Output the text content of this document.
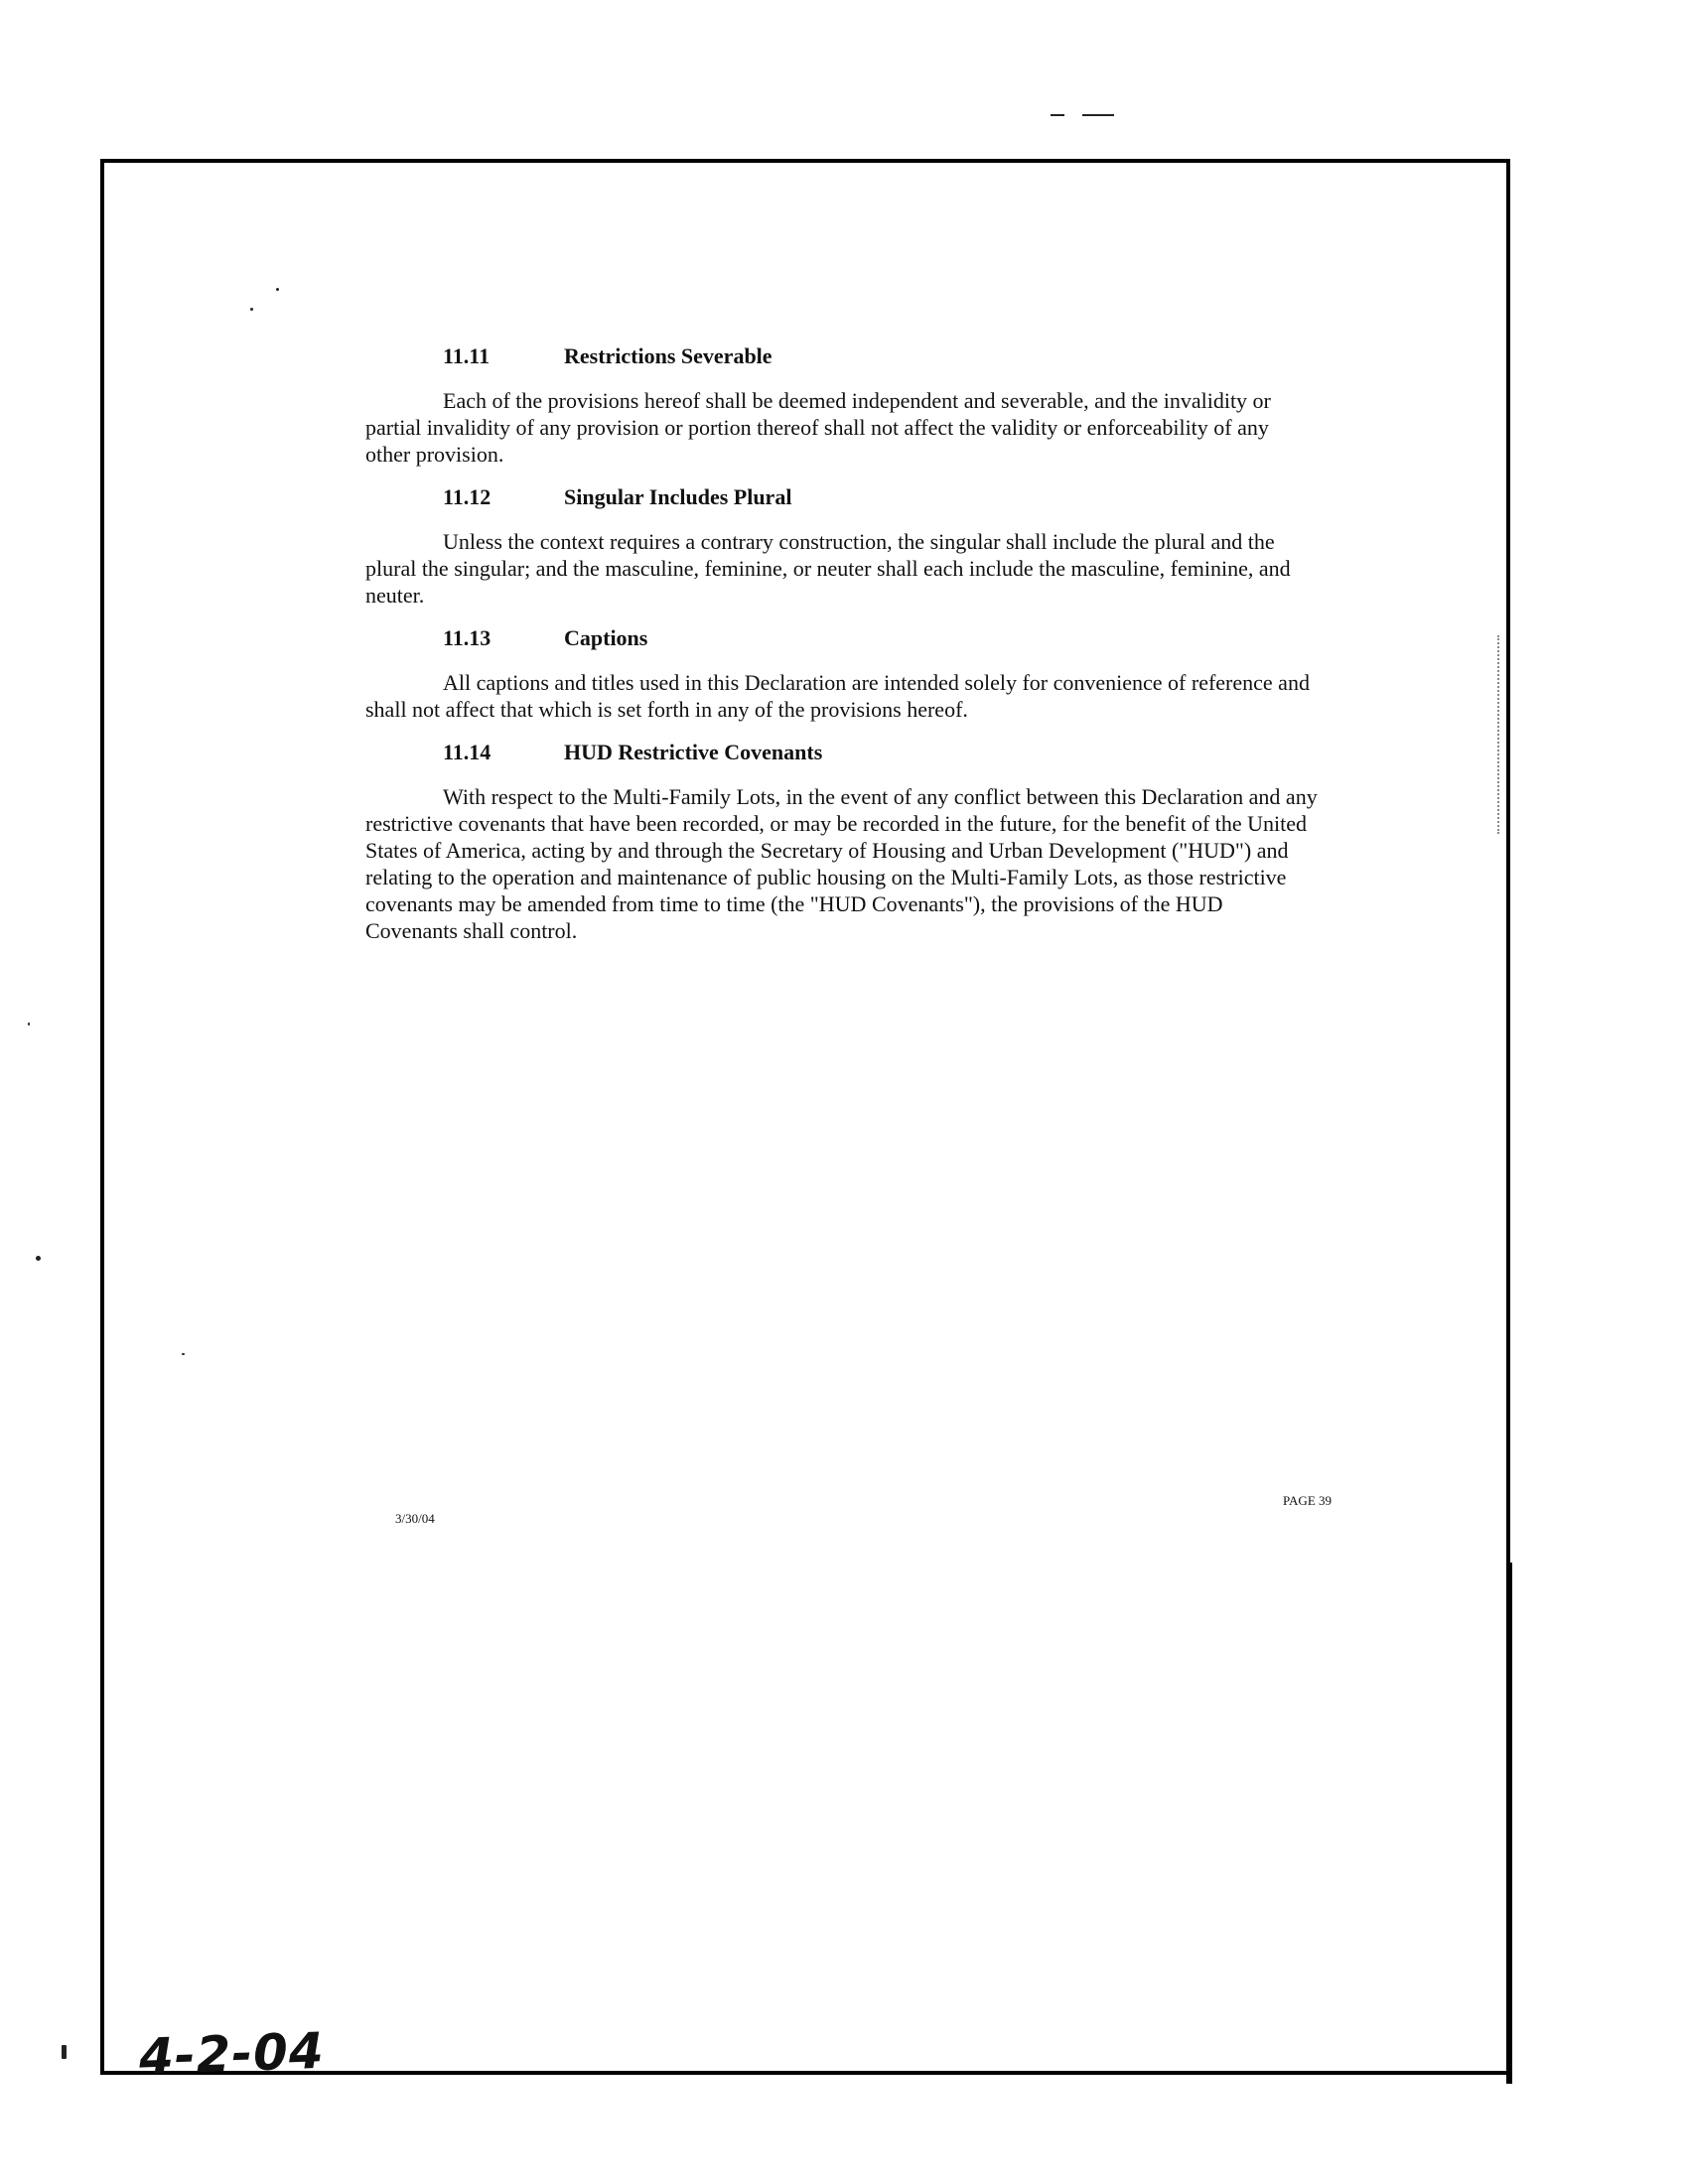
11.11	Restrictions Severable

Each of the provisions hereof shall be deemed independent and severable, and the invalidity or partial invalidity of any provision or portion thereof shall not affect the validity or enforceability of any other provision.

11.12	Singular Includes Plural

Unless the context requires a contrary construction, the singular shall include the plural and the plural the singular; and the masculine, feminine, or neuter shall each include the masculine, feminine, and neuter.

11.13	Captions

All captions and titles used in this Declaration are intended solely for convenience of reference and shall not affect that which is set forth in any of the provisions hereof.

11.14	HUD Restrictive Covenants

With respect to the Multi-Family Lots, in the event of any conflict between this Declaration and any restrictive covenants that have been recorded, or may be recorded in the future, for the benefit of the United States of America, acting by and through the Secretary of Housing and Urban Development ("HUD") and relating to the operation and maintenance of public housing on the Multi-Family Lots, as those restrictive covenants may be amended from time to time (the "HUD Covenants"), the provisions of the HUD Covenants shall control.

3/30/04
PAGE 39
4-2-04
